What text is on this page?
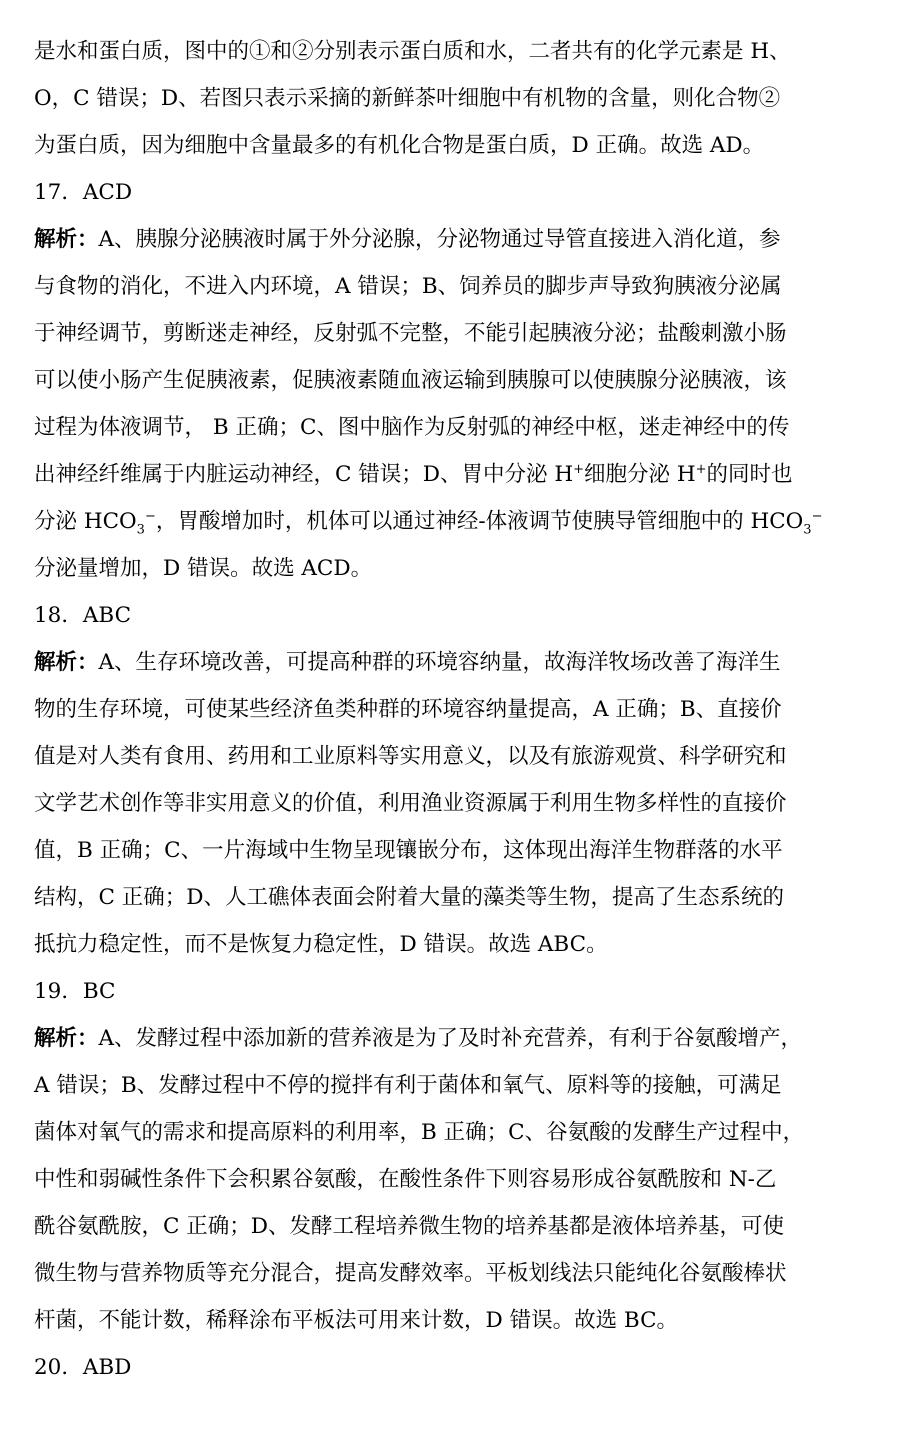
是水和蛋白质，图中的①和②分别表示蛋白质和水，二者共有的化学元素是 H、
O，C 错误；D、若图只表示采摘的新鲜茶叶细胞中有机物的含量，则化合物②
为蛋白质，因为细胞中含量最多的有机化合物是蛋白质，D 正确。故选 AD。
17．ACD
解析：A、胰腺分泌胰液时属于外分泌腺，分泌物通过导管直接进入消化道，参
与食物的消化，不进入内环境，A 错误；B、饲养员的脚步声导致狗胰液分泌属
于神经调节，剪断迷走神经，反射弧不完整，不能引起胰液分泌；盐酸刺激小肠
可以使小肠产生促胰液素，促胰液素随血液运输到胰腺可以使胰腺分泌胰液，该
过程为体液调节， B 正确；C、图中脑作为反射弧的神经中枢，迷走神经中的传
出神经纤维属于内脏运动神经，C 错误；D、胃中分泌 H+细胞分泌 H+的同时也
分泌 $HCO_3^-$，胃酸增加时，机体可以通过神经-体液调节使胰导管细胞中的 $HCO_3^-$
分泌量增加，D 错误。故选 ACD。
18．ABC
解析：A、生存环境改善，可提高种群的环境容纳量，故海洋牧场改善了海洋生
物的生存环境，可使某些经济鱼类种群的环境容纳量提高，A 正确；B、直接价
值是对人类有食用、药用和工业原料等实用意义，以及有旅游观赏、科学研究和
文学艺术创作等非实用意义的价值，利用渔业资源属于利用生物多样性的直接价
值，B 正确；C、一片海域中生物呈现镶嵌分布，这体现出海洋生物群落的水平
结构，C 正确；D、人工礁体表面会附着大量的藻类等生物，提高了生态系统的
抵抗力稳定性，而不是恢复力稳定性，D 错误。故选 ABC。
19．BC
解析：A、发酵过程中添加新的营养液是为了及时补充营养，有利于谷氨酸增产，
A 错误；B、发酵过程中不停的搅拌有利于菌体和氧气、原料等的接触，可满足
菌体对氧气的需求和提高原料的利用率，B 正确；C、谷氨酸的发酵生产过程中，
中性和弱碱性条件下会积累谷氨酸，在酸性条件下则容易形成谷氨酰胺和 N-乙
酰谷氨酰胺，C 正确；D、发酵工程培养微生物的培养基都是液体培养基，可使
微生物与营养物质等充分混合，提高发酵效率。平板划线法只能纯化谷氨酸棒状
杆菌，不能计数，稀释涂布平板法可用来计数，D 错误。故选 BC。
20．ABD
